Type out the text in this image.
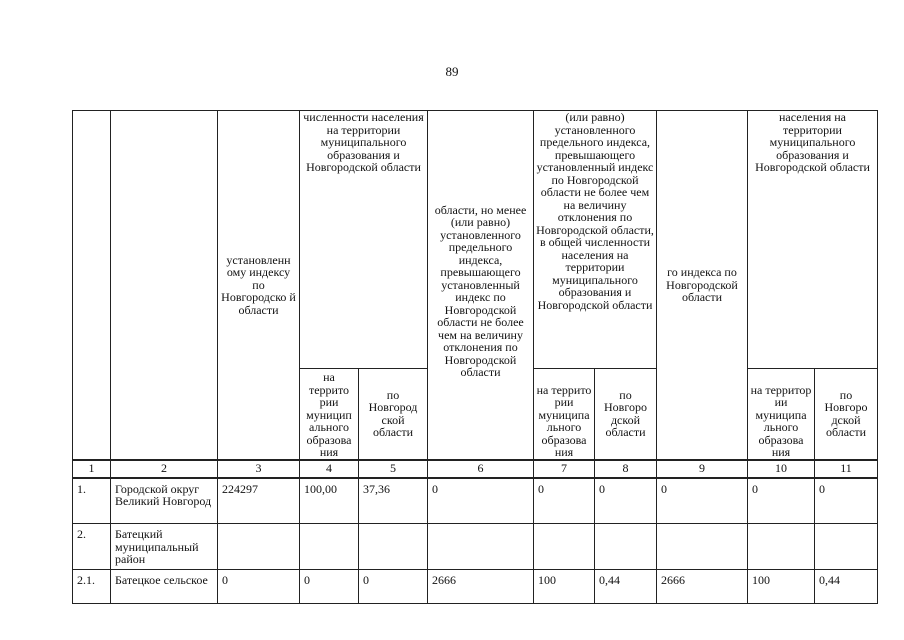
89
		установленн ому индексу по Новгородско й области	численности населения на территории муниципального образования и Новгородской области		области, но менее (или равно) установленного предельного индекса, превышающего установленный индекс по Новгородской области не более чем на величину отклонения по Новгородской области	(или равно) установленного предельного индекса, превышающего установленный индекс по Новгородской области не более чем на величину отклонения по Новгородской области, в общей численности населения на территории муниципального образования и Новгородской области		го индекса по Новгородской области	населения на территории муниципального образования и Новгородской области	
			на террито рии муницип ального образова ния	по Новгород ской области		на террито рии муниципа льного образова ния	по Новгоро дской области		на территор ии муниципа льного образова ния	по Новгоро дской области
1	2	3	4	5	6	7	8	9	10	11
1.	Городской округ Великий Новгород	224297	100,00	37,36	0	0	0	0	0	0
2.	Батецкий муниципальный район									
2.1.	Батецкое сельское	0	0	0	2666	100	0,44	2666	100	0,44
